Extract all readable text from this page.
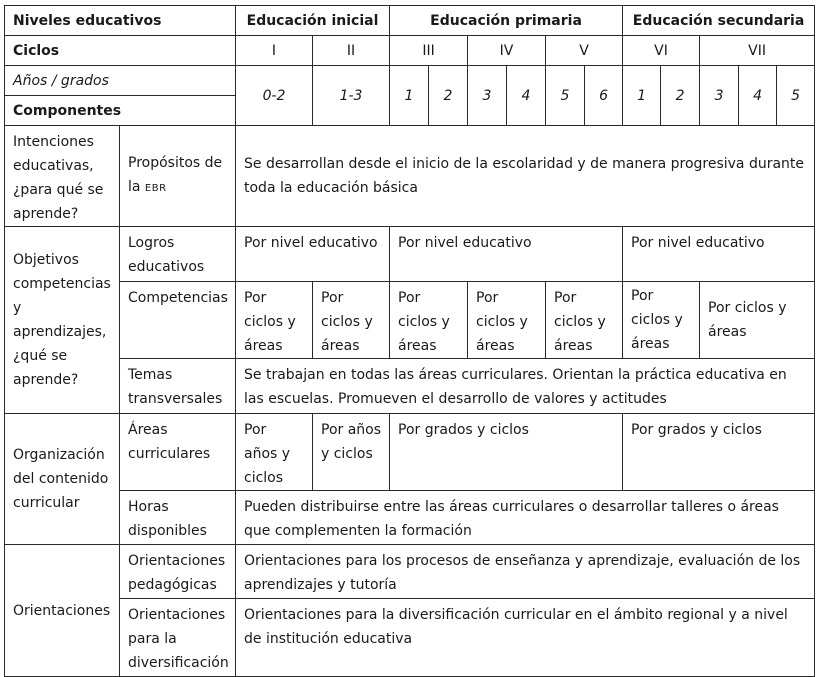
Niveles educativos		Educación inicial		Educación primaria						Educación secundaria				
Ciclos		I	II	III		IV		V		VI		VII		
Años / grados		0-2	1-3	1	2	3	4	5	6	1	2	3	4	5
Componentes														
Intenciones educativas, ¿para qué se aprende?	Propósitos de la EBR	Se desarrollan desde el inicio de la escolaridad y de manera progresiva durante toda la educación básica												
Objetivos competencias y aprendizajes, ¿qué se aprende?	Logros educativos	Por nivel educativo		Por nivel educativo						Por nivel educativo				
	Competencias	Por ciclos y áreas	Por ciclos y áreas	Por ciclos y áreas		Por ciclos y áreas		Por ciclos y áreas		Por ciclos y áreas		Por ciclos y áreas		
	Temas transversales	Se trabajan en todas las áreas curriculares. Orientan la práctica educativa en las escuelas. Promueven el desarrollo de valores y actitudes												
Organización del contenido curricular	Áreas curriculares	Por años y ciclos	Por años y ciclos	Por grados y ciclos						Por grados y ciclos				
	Horas disponibles	Pueden distribuirse entre las áreas curriculares o desarrollar talleres o áreas que complementen la formación												
Orientaciones	Orientaciones pedagógicas	Orientaciones para los procesos de enseñanza y aprendizaje, evaluación de los aprendizajes y tutoría												
	Orientaciones para la diversificación	Orientaciones para la diversificación curricular en el ámbito regional y a nivel de institución educativa												
